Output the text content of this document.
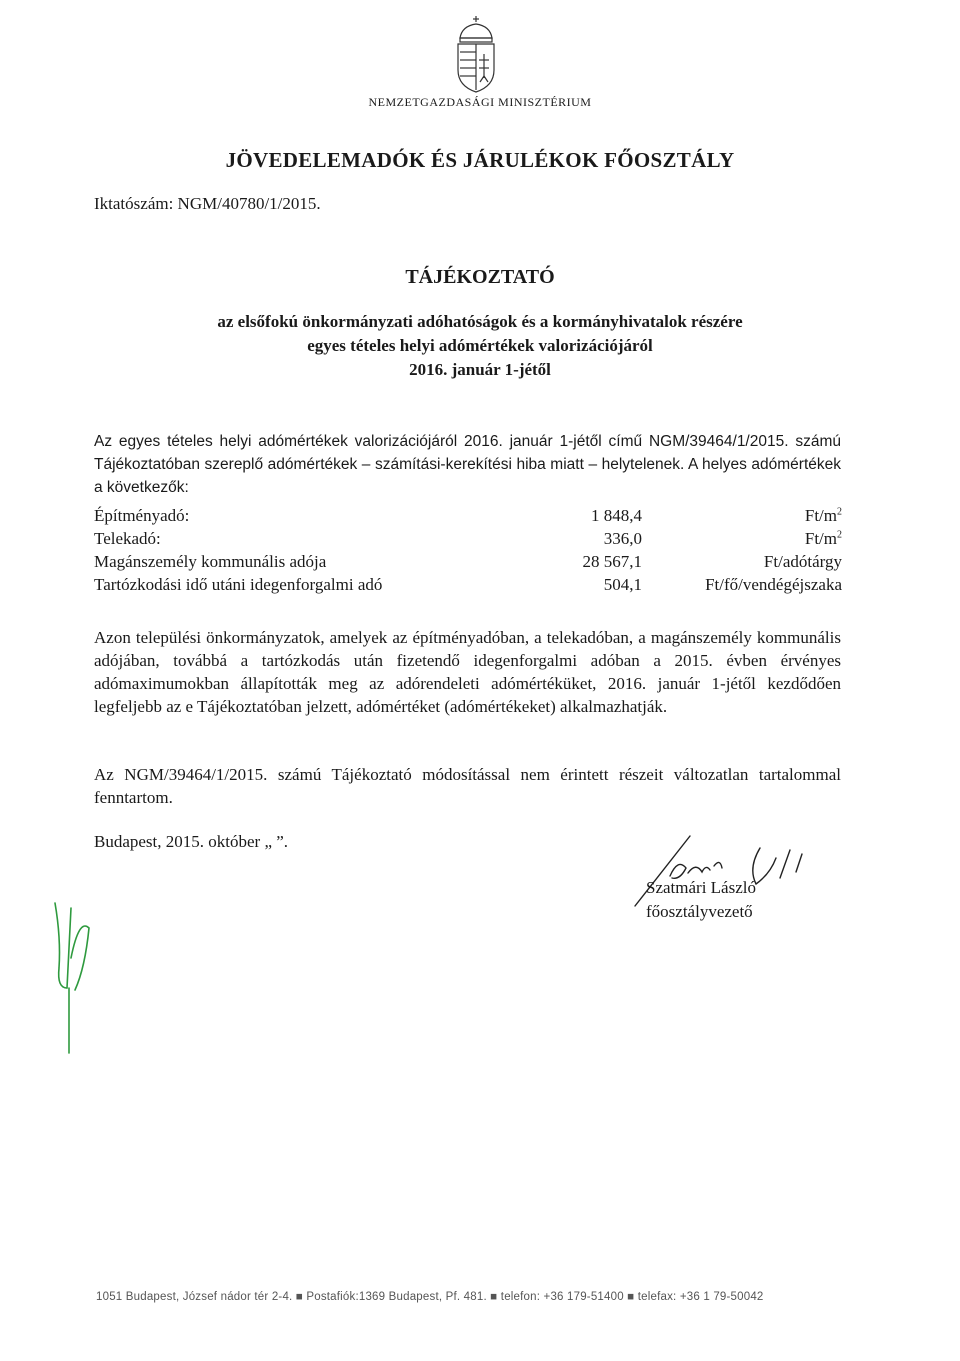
NEMZETGAZDASÁGI MINISZTÉRIUM
JÖVEDELEMADÓK ÉS JÁRULÉKOK FŐOSZTÁLY
Iktatószám: NGM/40780/1/2015.
TÁJÉKOZTATÓ
az elsőfokú önkormányzati adóhatóságok és a kormányhivatalok részére
egyes tételes helyi adómértékek valorizációjáról
2016. január 1-jétől
Az egyes tételes helyi adómértékek valorizációjáról 2016. január 1-jétől című NGM/39464/1/2015. számú Tájékoztatóban szereplő adómértékek – számítási-kerekítési hiba miatt – helytelenek. A helyes adómértékek a következők:
Építményadó:	1 848,4	$Ft/m^2$
Telekadó:	336,0	$Ft/m^2$
Magánszemély kommunális adója	28 567,1	Ft/adótárgy
Tartózkodási idő utáni idegenforgalmi adó	504,1	Ft/fő/vendégéjszaka
Azon települési önkormányzatok, amelyek az építményadóban, a telekadóban, a magánszemély kommunális adójában, továbbá a tartózkodás után fizetendő idegenforgalmi adóban a 2015. évben érvényes adómaximumokban állapították meg az adórendeleti adómértéküket, 2016. január 1-jétől kezdődően legfeljebb az e Tájékoztatóban jelzett, adómértéket (adómértékeket) alkalmazhatják.
Az NGM/39464/1/2015. számú Tájékoztató módosítással nem érintett részeit változatlan tartalommal fenntartom.
Budapest, 2015. október „ ”.
Szatmári László
főosztályvezető
1051 Budapest, József nádor tér 2-4. ■ Postafiók:1369 Budapest, Pf. 481. ■ telefon: +36 179-51400 ■ telefax: +36 1 79-50042
